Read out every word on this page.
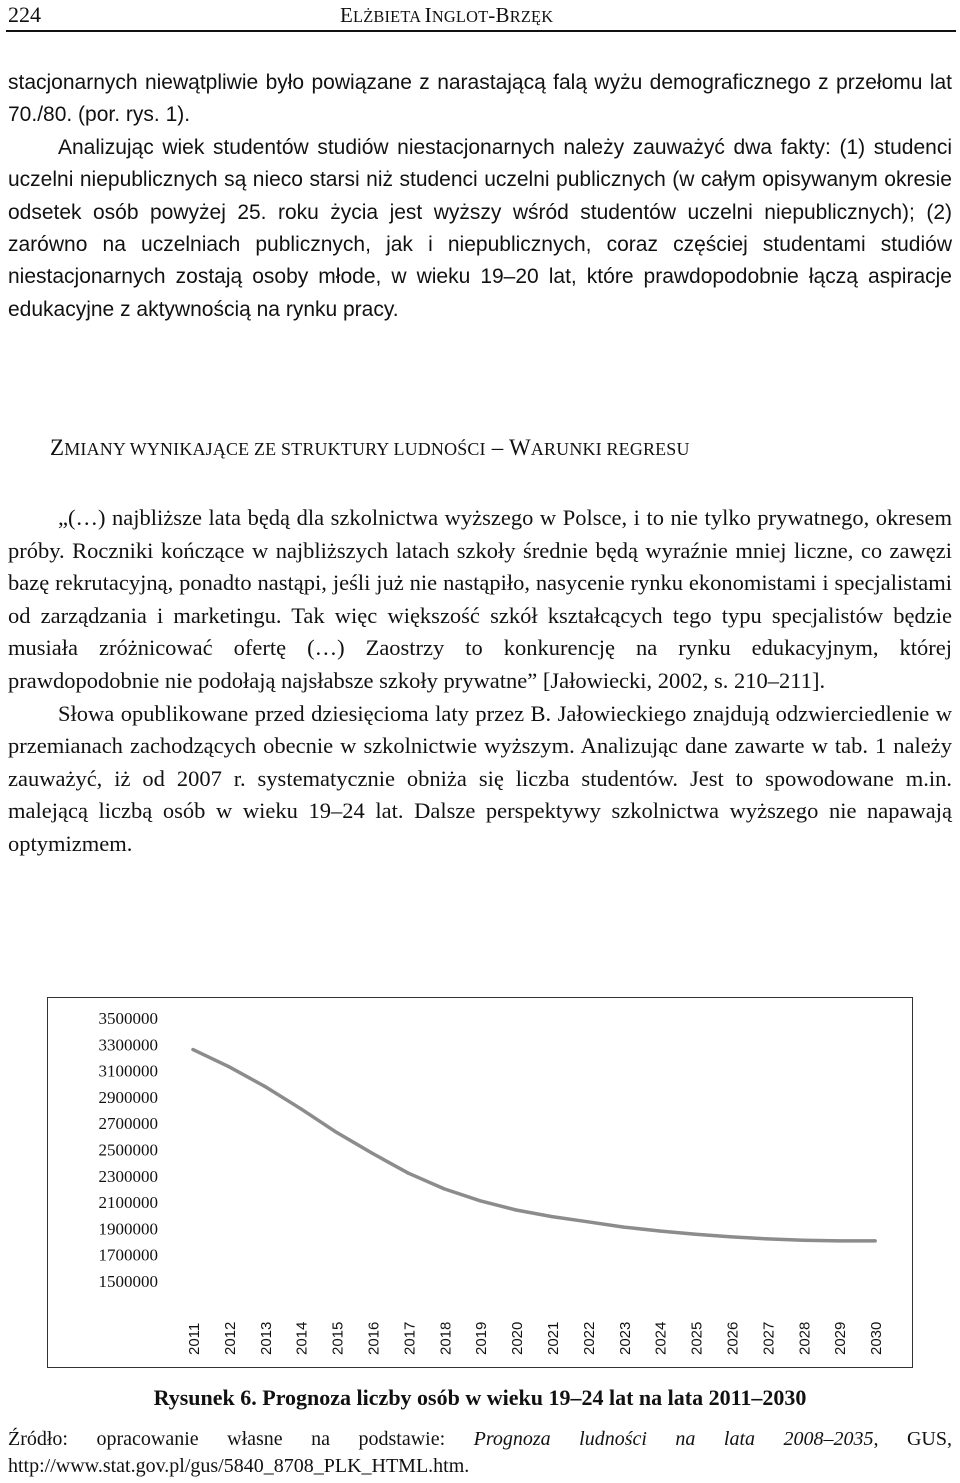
224	ELŻBIETA INGLOT-BRZĘK

stacjonarnych niewątpliwie było powiązane z narastającą falą wyżu demograficznego z przełomu lat 70./80. (por. rys. 1).

Analizując wiek studentów studiów niestacjonarnych należy zauważyć dwa fakty: (1) studenci uczelni niepublicznych są nieco starsi niż studenci uczelni publicznych (w całym opisywanym okresie odsetek osób powyżej 25. roku życia jest wyższy wśród studentów uczelni niepublicznych); (2) zarówno na uczelniach publicznych, jak i niepublicznych, coraz częściej studentami studiów niestacjonarnych zostają osoby młode, w wieku 19–20 lat, które prawdopodobnie łączą aspiracje edukacyjne z aktywnością na rynku pracy.

ZMIANY WYNIKAJĄCE ZE STRUKTURY LUDNOŚCI – WARUNKI REGRESU

„(…) najbliższe lata będą dla szkolnictwa wyższego w Polsce, i to nie tylko prywatnego, okresem próby. Roczniki kończące w najbliższych latach szkoły średnie będą wyraźnie mniej liczne, co zawęzi bazę rekrutacyjną, ponadto nastąpi, jeśli już nie nastąpiło, nasycenie rynku ekonomistami i specjalistami od zarządzania i marketingu. Tak więc większość szkół kształcących tego typu specjalistów będzie musiała zróżnicować ofertę (…) Zaostrzy to konkurencję na rynku edukacyjnym, której prawdopodobnie nie podołają najsłabsze szkoły prywatne” [Jałowiecki, 2002, s. 210–211].

Słowa opublikowane przed dziesięcioma laty przez B. Jałowieckiego znajdują odzwierciedlenie w przemianach zachodzących obecnie w szkolnictwie wyższym. Analizując dane zawarte w tab. 1 należy zauważyć, iż od 2007 r. systematycznie obniża się liczba studentów. Jest to spowodowane m.in. malejącą liczbą osób w wieku 19–24 lat. Dalsze perspektywy szkolnictwa wyższego nie napawają optymizmem.

3500000
3300000
3100000
2900000
2700000
2500000
2300000
2100000
1900000
1700000
1500000
2011 2012 2013 2014 2015 2016 2017 2018 2019 2020 2021 2022 2023 2024 2025 2026 2027 2028 2029 2030
Rysunek 6. Prognoza liczby osób w wieku 19–24 lat na lata 2011–2030
Źródło: opracowanie własne na podstawie: Prognoza ludności na lata 2008–2035, GUS, http://www.stat.gov.pl/gus/5840_8708_PLK_HTML.htm.
